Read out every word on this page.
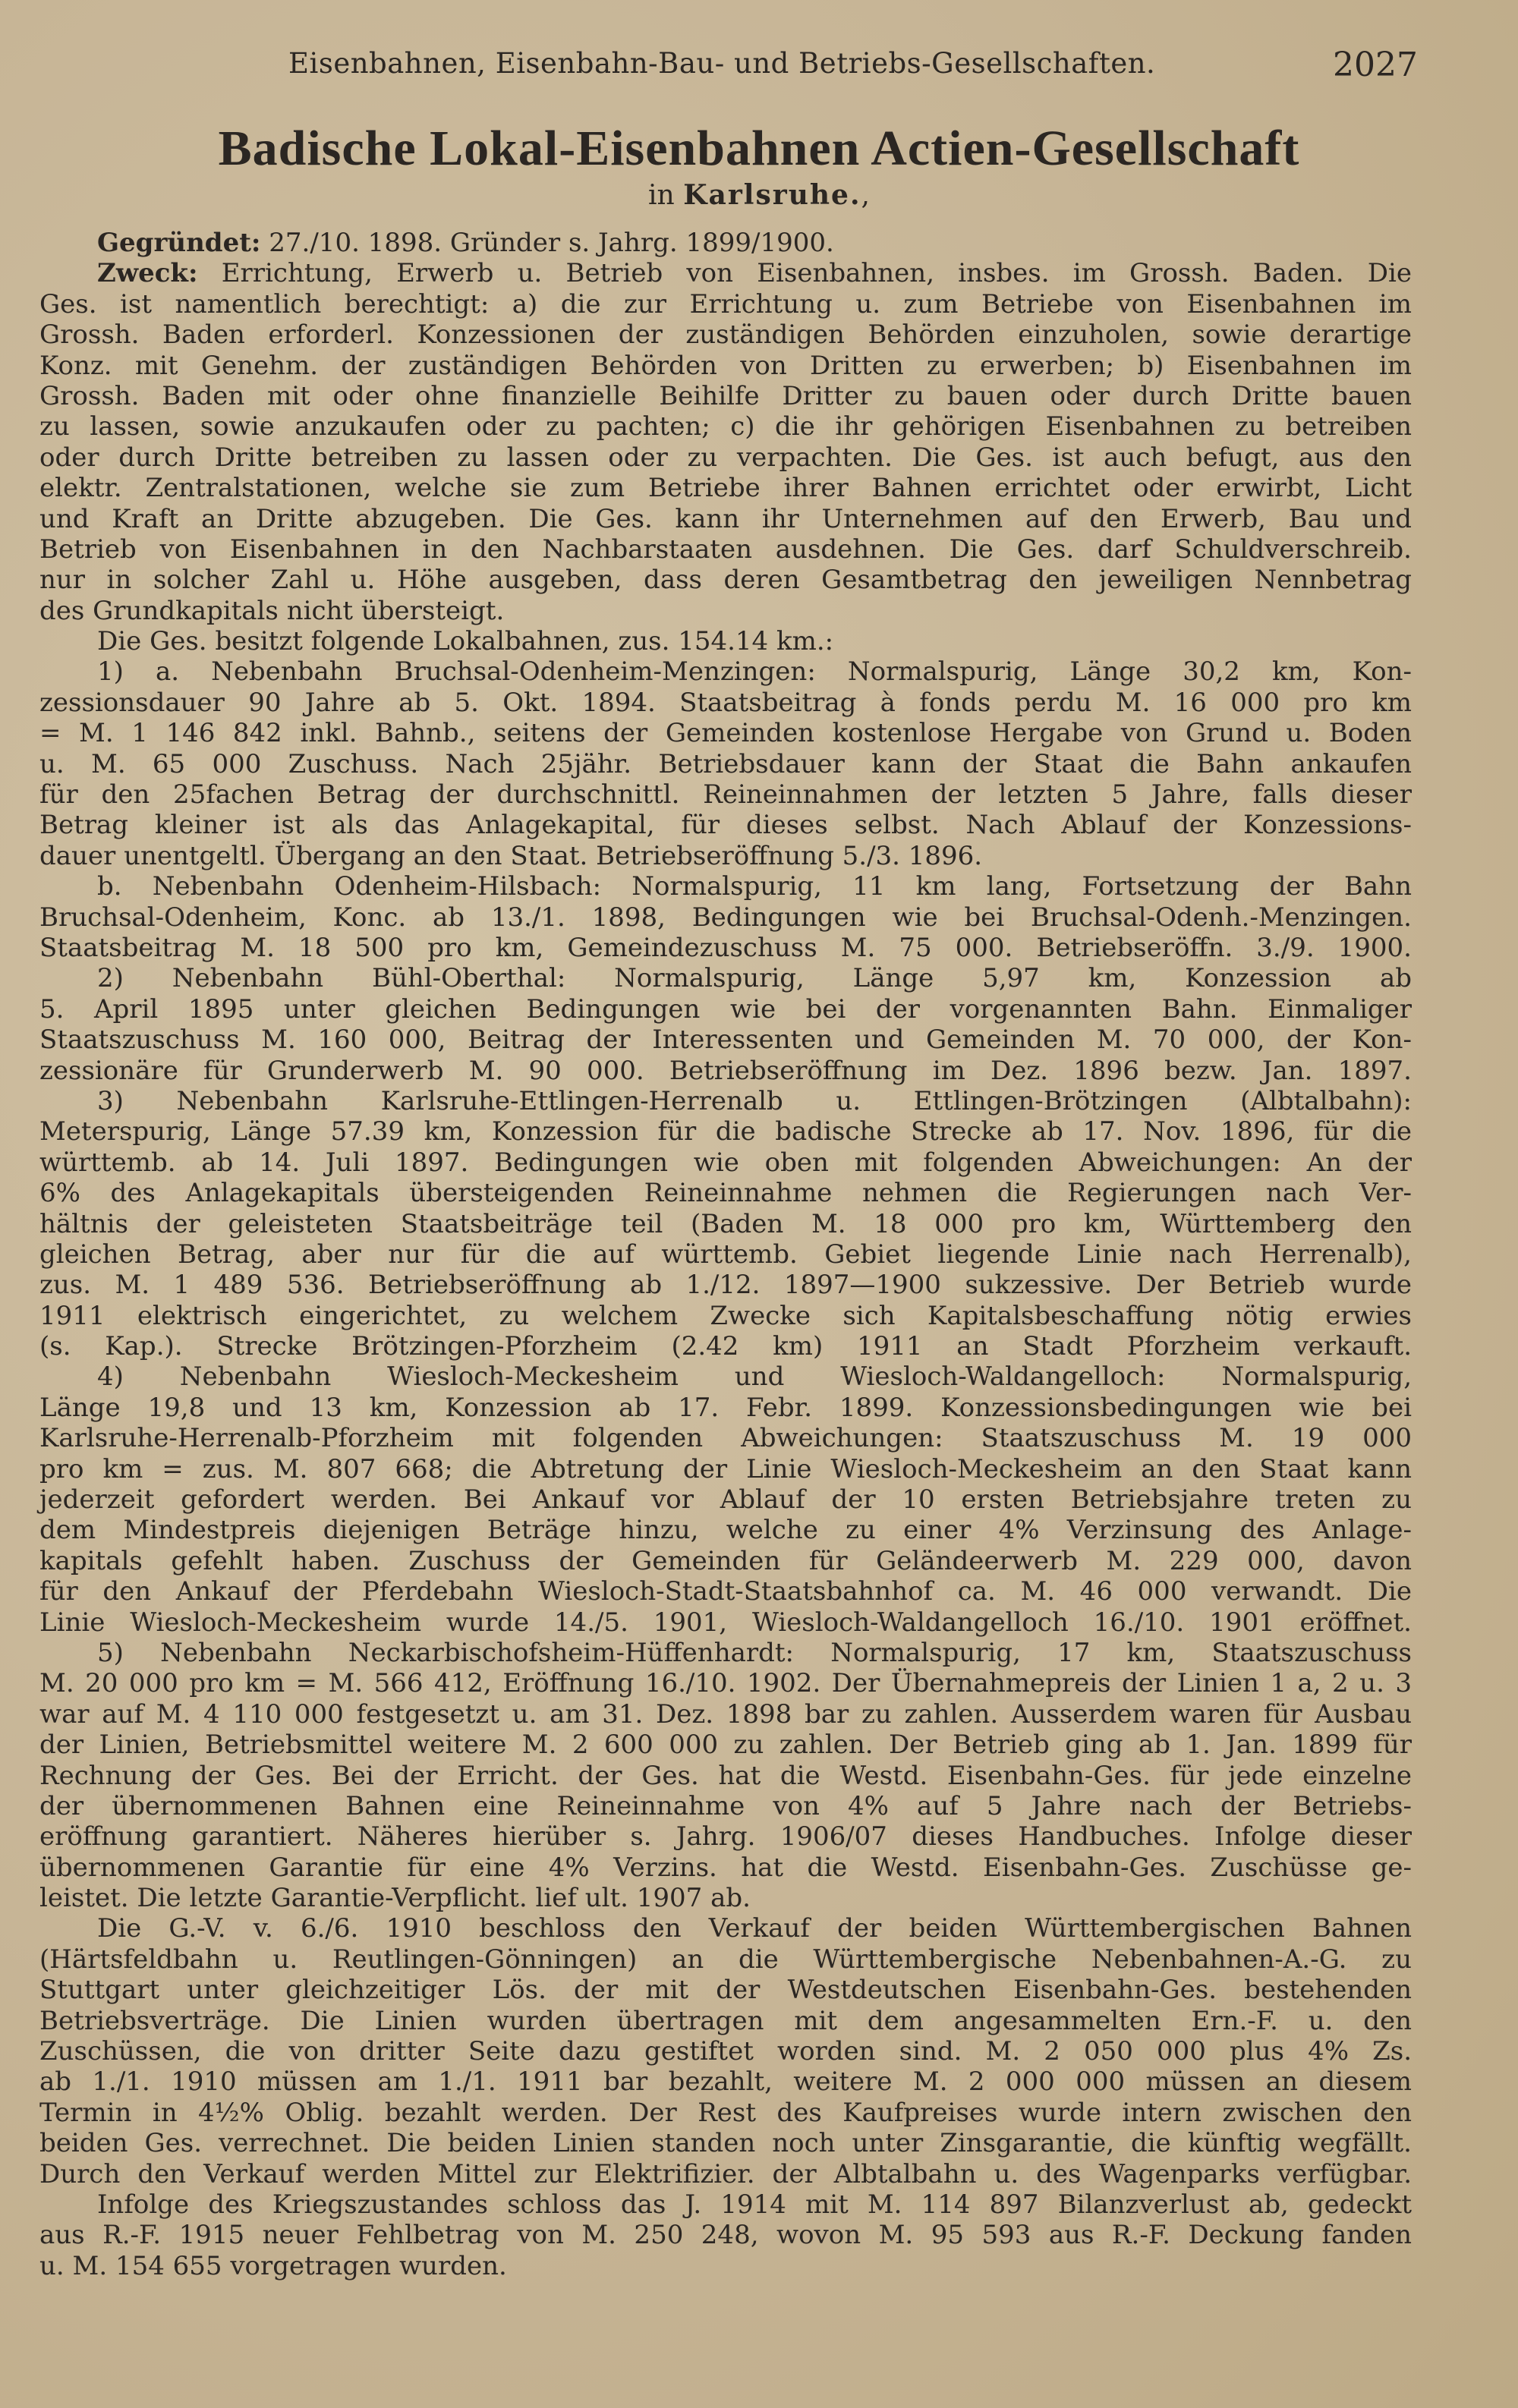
Eisenbahnen, Eisenbahn-Bau- und Betriebs-Gesellschaften.	2027
Badische Lokal-Eisenbahnen Actien-Gesellschaft
in Karlsruhe.,
Gegründet: 27./10. 1898. Gründer s. Jahrg. 1899/1900.
Zweck: Errichtung, Erwerb u. Betrieb von Eisenbahnen, insbes. im Grossh. Baden. Die
Ges. ist namentlich berechtigt: a) die zur Errichtung u. zum Betriebe von Eisenbahnen im
Grossh. Baden erforderl. Konzessionen der zuständigen Behörden einzuholen, sowie derartige
Konz. mit Genehm. der zuständigen Behörden von Dritten zu erwerben; b) Eisenbahnen im
Grossh. Baden mit oder ohne finanzielle Beihilfe Dritter zu bauen oder durch Dritte bauen
zu lassen, sowie anzukaufen oder zu pachten; c) die ihr gehörigen Eisenbahnen zu betreiben
oder durch Dritte betreiben zu lassen oder zu verpachten. Die Ges. ist auch befugt, aus den
elektr. Zentralstationen, welche sie zum Betriebe ihrer Bahnen errichtet oder erwirbt, Licht
und Kraft an Dritte abzugeben. Die Ges. kann ihr Unternehmen auf den Erwerb, Bau und
Betrieb von Eisenbahnen in den Nachbarstaaten ausdehnen. Die Ges. darf Schuldverschreib.
nur in solcher Zahl u. Höhe ausgeben, dass deren Gesamtbetrag den jeweiligen Nennbetrag
des Grundkapitals nicht übersteigt.
Die Ges. besitzt folgende Lokalbahnen, zus. 154.14 km.:
1) a. Nebenbahn Bruchsal-Odenheim-Menzingen: Normalspurig, Länge 30,2 km, Kon-
zessionsdauer 90 Jahre ab 5. Okt. 1894. Staatsbeitrag à fonds perdu M. 16 000 pro km
= M. 1 146 842 inkl. Bahnb., seitens der Gemeinden kostenlose Hergabe von Grund u. Boden
u. M. 65 000 Zuschuss. Nach 25jähr. Betriebsdauer kann der Staat die Bahn ankaufen
für den 25fachen Betrag der durchschnittl. Reineinnahmen der letzten 5 Jahre, falls dieser
Betrag kleiner ist als das Anlagekapital, für dieses selbst. Nach Ablauf der Konzessions-
dauer unentgeltl. Übergang an den Staat. Betriebseröffnung 5./3. 1896.
b. Nebenbahn Odenheim-Hilsbach: Normalspurig, 11 km lang, Fortsetzung der Bahn
Bruchsal-Odenheim, Konc. ab 13./1. 1898, Bedingungen wie bei Bruchsal-Odenh.-Menzingen.
Staatsbeitrag M. 18 500 pro km, Gemeindezuschuss M. 75 000. Betriebseröffn. 3./9. 1900.
2) Nebenbahn Bühl-Oberthal: Normalspurig, Länge 5,97 km, Konzession ab
5. April 1895 unter gleichen Bedingungen wie bei der vorgenannten Bahn. Einmaliger
Staatszuschuss M. 160 000, Beitrag der Interessenten und Gemeinden M. 70 000, der Kon-
zessionäre für Grunderwerb M. 90 000. Betriebseröffnung im Dez. 1896 bezw. Jan. 1897.
3) Nebenbahn Karlsruhe-Ettlingen-Herrenalb u. Ettlingen-Brötzingen (Albtalbahn):
Meterspurig, Länge 57.39 km, Konzession für die badische Strecke ab 17. Nov. 1896, für die
württemb. ab 14. Juli 1897. Bedingungen wie oben mit folgenden Abweichungen: An der
6% des Anlagekapitals übersteigenden Reineinnahme nehmen die Regierungen nach Ver-
hältnis der geleisteten Staatsbeiträge teil (Baden M. 18 000 pro km, Württemberg den
gleichen Betrag, aber nur für die auf württemb. Gebiet liegende Linie nach Herrenalb),
zus. M. 1 489 536. Betriebseröffnung ab 1./12. 1897—1900 sukzessive. Der Betrieb wurde
1911 elektrisch eingerichtet, zu welchem Zwecke sich Kapitalsbeschaffung nötig erwies
(s. Kap.). Strecke Brötzingen-Pforzheim (2.42 km) 1911 an Stadt Pforzheim verkauft.
4) Nebenbahn Wiesloch-Meckesheim und Wiesloch-Waldangelloch: Normalspurig,
Länge 19,8 und 13 km, Konzession ab 17. Febr. 1899. Konzessionsbedingungen wie bei
Karlsruhe-Herrenalb-Pforzheim mit folgenden Abweichungen: Staatszuschuss M. 19 000
pro km = zus. M. 807 668; die Abtretung der Linie Wiesloch-Meckesheim an den Staat kann
jederzeit gefordert werden. Bei Ankauf vor Ablauf der 10 ersten Betriebsjahre treten zu
dem Mindestpreis diejenigen Beträge hinzu, welche zu einer 4% Verzinsung des Anlage-
kapitals gefehlt haben. Zuschuss der Gemeinden für Geländeerwerb M. 229 000, davon
für den Ankauf der Pferdebahn Wiesloch-Stadt-Staatsbahnhof ca. M. 46 000 verwandt. Die
Linie Wiesloch-Meckesheim wurde 14./5. 1901, Wiesloch-Waldangelloch 16./10. 1901 eröffnet.
5) Nebenbahn Neckarbischofsheim-Hüffenhardt: Normalspurig, 17 km, Staatszuschuss
M. 20 000 pro km = M. 566 412, Eröffnung 16./10. 1902. Der Übernahmepreis der Linien 1 a, 2 u. 3
war auf M. 4 110 000 festgesetzt u. am 31. Dez. 1898 bar zu zahlen. Ausserdem waren für Ausbau
der Linien, Betriebsmittel weitere M. 2 600 000 zu zahlen. Der Betrieb ging ab 1. Jan. 1899 für
Rechnung der Ges. Bei der Erricht. der Ges. hat die Westd. Eisenbahn-Ges. für jede einzelne
der übernommenen Bahnen eine Reineinnahme von 4% auf 5 Jahre nach der Betriebs-
eröffnung garantiert. Näheres hierüber s. Jahrg. 1906/07 dieses Handbuches. Infolge dieser
übernommenen Garantie für eine 4% Verzins. hat die Westd. Eisenbahn-Ges. Zuschüsse ge-
leistet. Die letzte Garantie-Verpflicht. lief ult. 1907 ab.
Die G.-V. v. 6./6. 1910 beschloss den Verkauf der beiden Württembergischen Bahnen
(Härtsfeldbahn u. Reutlingen-Gönningen) an die Württembergische Nebenbahnen-A.-G. zu
Stuttgart unter gleichzeitiger Lös. der mit der Westdeutschen Eisenbahn-Ges. bestehenden
Betriebsverträge. Die Linien wurden übertragen mit dem angesammelten Ern.-F. u. den
Zuschüssen, die von dritter Seite dazu gestiftet worden sind. M. 2 050 000 plus 4% Zs.
ab 1./1. 1910 müssen am 1./1. 1911 bar bezahlt, weitere M. 2 000 000 müssen an diesem
Termin in 4½% Oblig. bezahlt werden. Der Rest des Kaufpreises wurde intern zwischen den
beiden Ges. verrechnet. Die beiden Linien standen noch unter Zinsgarantie, die künftig wegfällt.
Durch den Verkauf werden Mittel zur Elektrifizier. der Albtalbahn u. des Wagenparks verfügbar.
Infolge des Kriegszustandes schloss das J. 1914 mit M. 114 897 Bilanzverlust ab, gedeckt
aus R.-F. 1915 neuer Fehlbetrag von M. 250 248, wovon M. 95 593 aus R.-F. Deckung fanden
u. M. 154 655 vorgetragen wurden.
